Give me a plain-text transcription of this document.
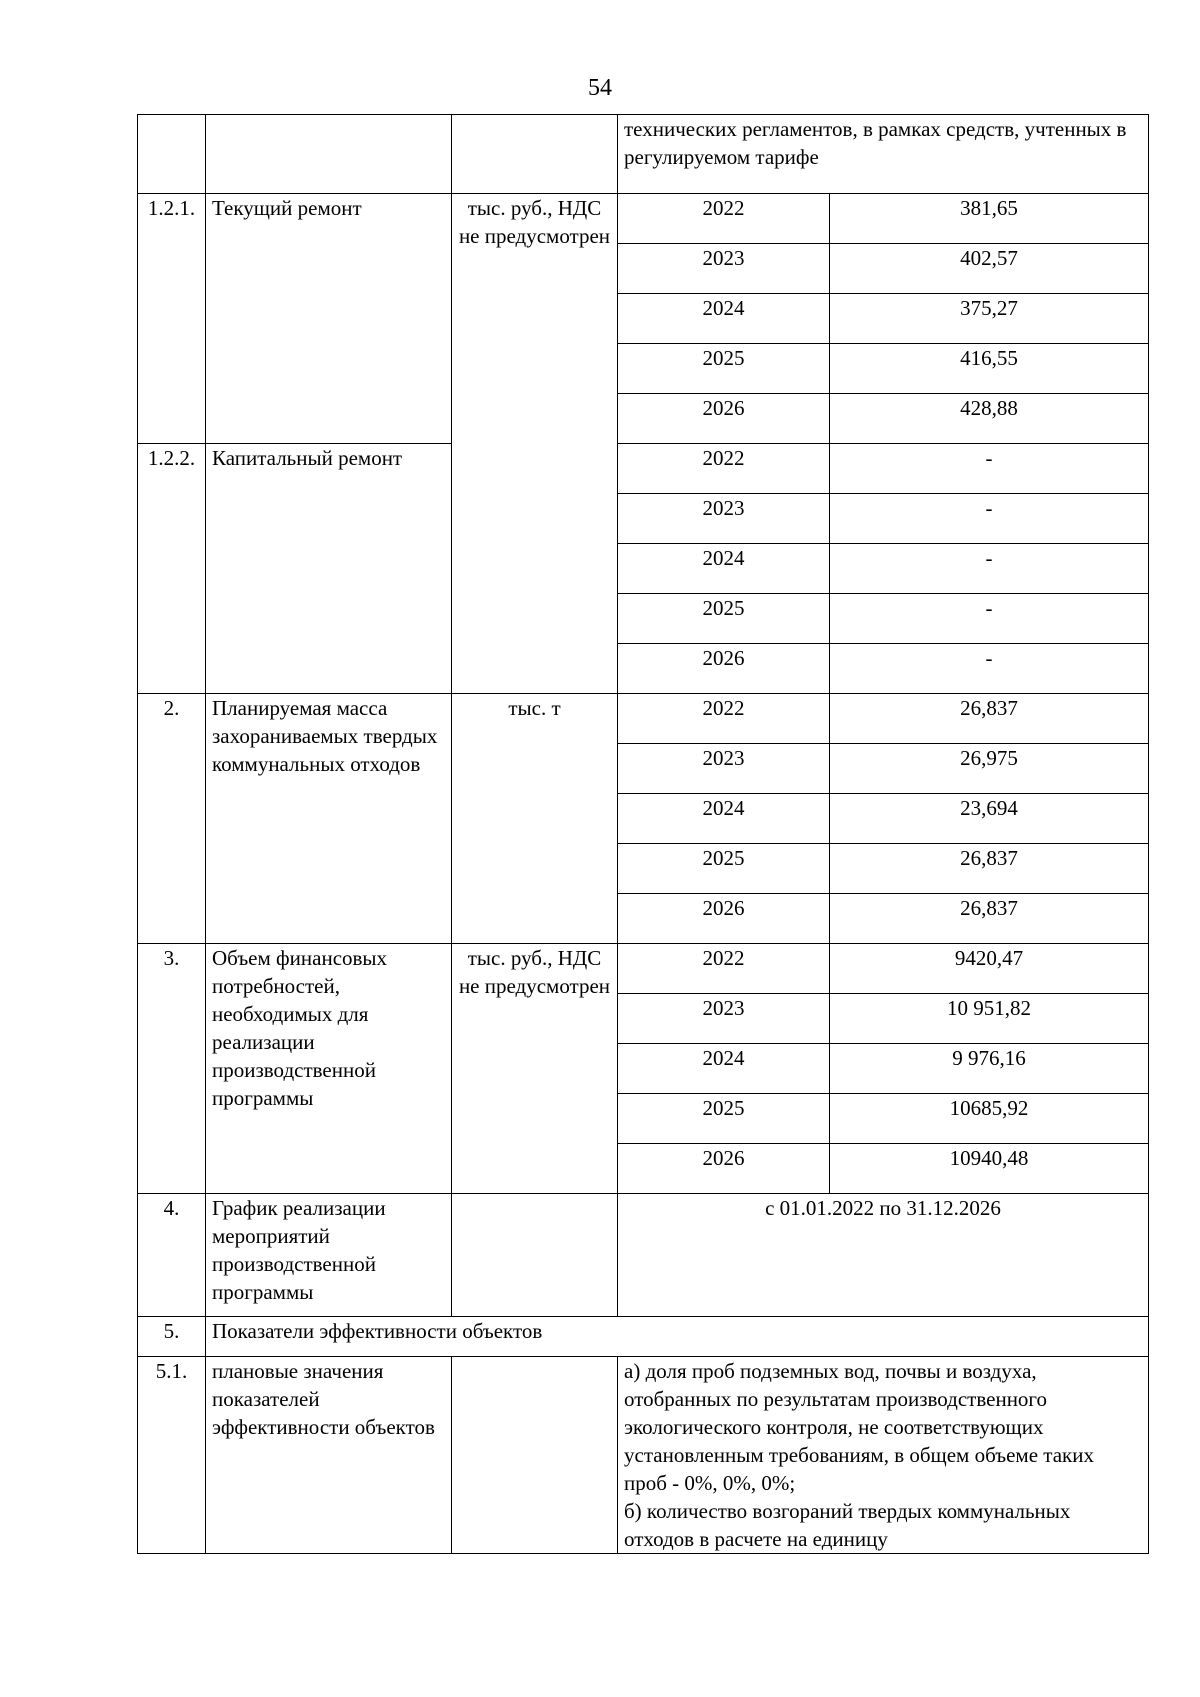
54
			технических регламентов, в рамках средств, учтенных в регулируемом тарифе	
1.2.1.	Текущий ремонт	тыс. руб., НДС не предусмотрен	2022	381,65
			2023	402,57
			2024	375,27
			2025	416,55
			2026	428,88
1.2.2.	Капитальный ремонт		2022	-
			2023	-
			2024	-
			2025	-
			2026	-
2.	Планируемая масса захораниваемых твердых коммунальных отходов	тыс. т	2022	26,837
			2023	26,975
			2024	23,694
			2025	26,837
			2026	26,837
3.	Объем финансовых потребностей, необходимых для реализации производственной программы	тыс. руб., НДС не предусмотрен	2022	9420,47
			2023	10 951,82
			2024	9 976,16
			2025	10685,92
			2026	10940,48
4.	График реализации мероприятий производственной программы		с 01.01.2022 по 31.12.2026	
5.	Показатели эффективности объектов			
5.1.	плановые значения показателей эффективности объектов		а) доля проб подземных вод, почвы и воздуха, отобранных по результатам производственного экологического контроля, не соответствующих установленным требованиям, в общем объеме таких проб - 0%, 0%, 0%;
б) количество возгораний твердых коммунальных отходов в расчете на единицу	
